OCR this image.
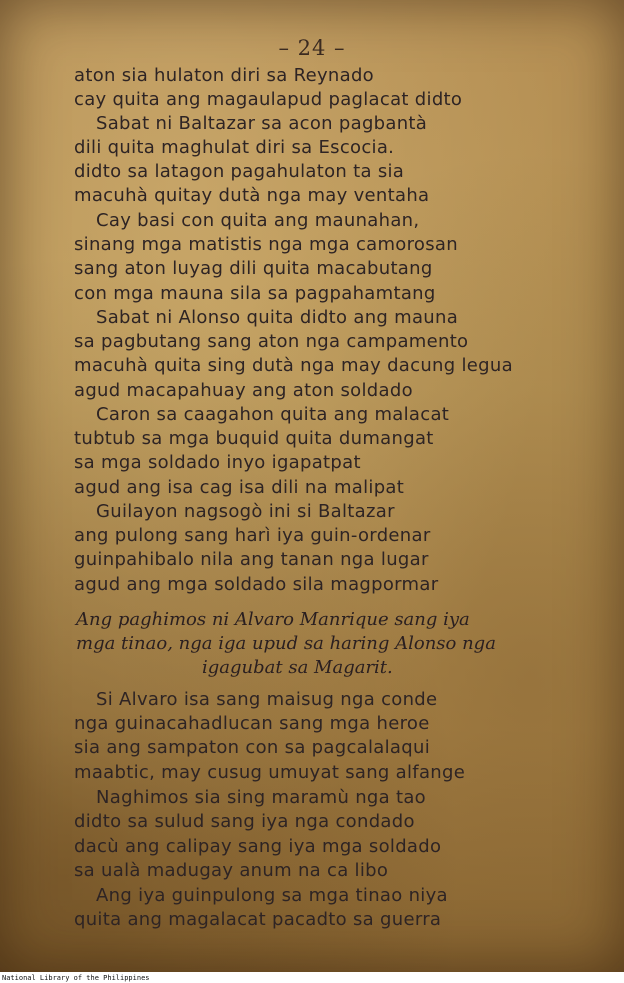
– 24 –
aton sia hulaton diri sa Reynado
cay quita ang magaulapud paglacat didto
Sabat ni Baltazar sa acon pagbantà
dili quita maghulat diri sa Escocia.
didto sa latagon pagahulaton ta sia
macuhà quitay dutà nga may ventaha
Cay basi con quita ang maunahan,
sinang mga matistis nga mga camorosan
sang aton luyag dili quita macabutang
con mga mauna sila sa pagpahamtang
Sabat ni Alonso quita didto ang mauna
sa pagbutang sang aton nga campamento
macuhà quita sing dutà nga may dacung legua
agud macapahuay ang aton soldado
Caron sa caagahon quita ang malacat
tubtub sa mga buquid quita dumangat
sa mga soldado inyo igapatpat
agud ang isa cag isa dili na malipat
Guilayon nagsogò ini si Baltazar
ang pulong sang harì iya guin-ordenar
guinpahibalo nila ang tanan nga lugar
agud ang mga soldado sila magpormar
Ang paghimos ni Alvaro Manrique sang iya
mga tinao, nga iga upud sa haring Alonso nga
igagubat sa Magarit.
Si Alvaro isa sang maisug nga conde
nga guinacahadlucan sang mga heroe
sia ang sampaton con sa pagcalalaqui
maabtic, may cusug umuyat sang alfange
Naghimos sia sing maramù nga tao
didto sa sulud sang iya nga condado
dacù ang calipay sang iya mga soldado
sa ualà madugay anum na ca libo
Ang iya guinpulong sa mga tinao niya
quita ang magalacat pacadto sa guerra
National Library of the Philippines
